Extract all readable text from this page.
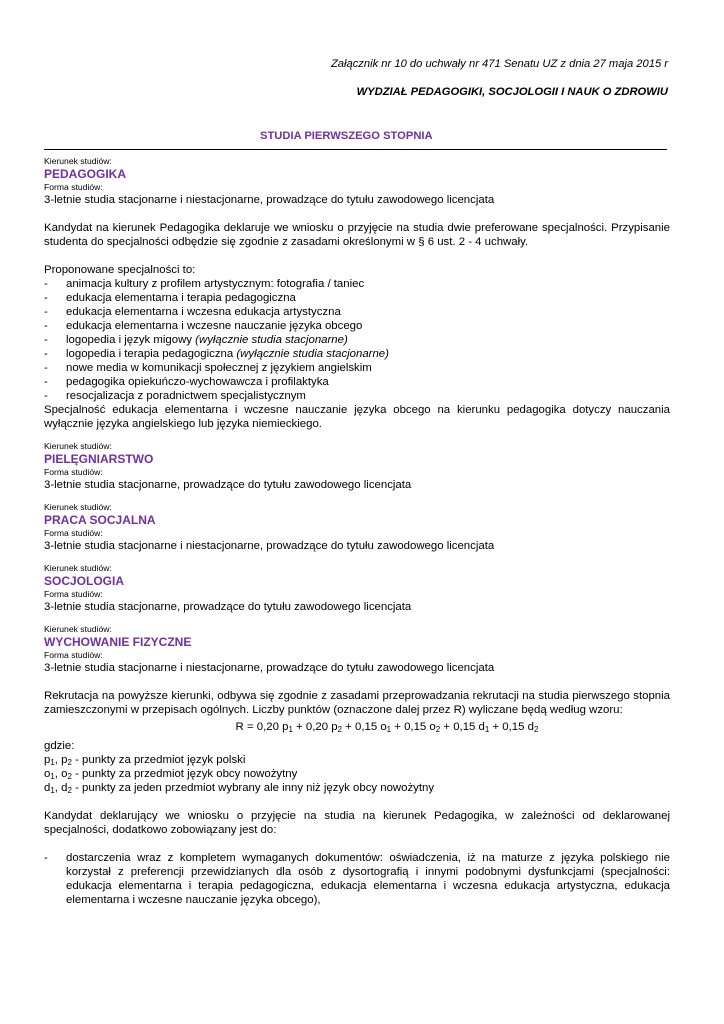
Załącznik nr 10 do uchwały nr 471 Senatu UZ z dnia 27 maja 2015 r
WYDZIAŁ PEDAGOGIKI, SOCJOLOGII I NAUK O ZDROWIU
STUDIA PIERWSZEGO STOPNIA

Kierunek studiów:

PEDAGOGIKA

Forma studiów:

3-letnie studia stacjonarne i niestacjonarne, prowadzące do tytułu zawodowego licencjata

Kandydat na kierunek Pedagogika deklaruje we wniosku o przyjęcie na studia dwie preferowane specjalności. Przypisanie studenta do specjalności odbędzie się zgodnie z zasadami określonymi w § 6 ust. 2 - 4 uchwały.

Proponowane specjalności to:

- animacja kultury z profilem artystycznym: fotografia / taniec
- edukacja elementarna i terapia pedagogiczna
- edukacja elementarna i wczesna edukacja artystyczna
- edukacja elementarna i wczesne nauczanie języka obcego
- logopedia i język migowy (wyłącznie studia stacjonarne)
- logopedia i terapia pedagogiczna (wyłącznie studia stacjonarne)
- nowe media w komunikacji społecznej z językiem angielskim
- pedagogika opiekuńczo-wychowawcza i profilaktyka
- resocjalizacja z poradnictwem specjalistycznym

Specjalność edukacja elementarna i wczesne nauczanie języka obcego na kierunku pedagogika dotyczy nauczania wyłącznie języka angielskiego lub języka niemieckiego.

Kierunek studiów:

PIELĘGNIARSTWO

Forma studiów:

3-letnie studia stacjonarne, prowadzące do tytułu zawodowego licencjata

Kierunek studiów:

PRACA SOCJALNA

Forma studiów:

3-letnie studia stacjonarne i niestacjonarne, prowadzące do tytułu zawodowego licencjata

Kierunek studiów:

SOCJOLOGIA

Forma studiów:

3-letnie studia stacjonarne, prowadzące do tytułu zawodowego licencjata

Kierunek studiów:

WYCHOWANIE FIZYCZNE

Forma studiów:

3-letnie studia stacjonarne i niestacjonarne, prowadzące do tytułu zawodowego licencjata

Rekrutacja na powyższe kierunki, odbywa się zgodnie z zasadami przeprowadzania rekrutacji na studia pierwszego stopnia zamieszczonymi w przepisach ogólnych. Liczby punktów (oznaczone dalej przez R) wyliczane będą według wzoru:

R = 0,20 $p_1 + 0,20$ $p_2 + 0,15$ $o_1 + 0,15$ $o_2 + 0,15$ $d_1 + 0,15$ $d_2$

gdzie:

$p_1$, $p_2$ - punkty za przedmiot język polski

$o_1$, $o_2$ - punkty za przedmiot język obcy nowożytny

$d_1$, $d_2$ - punkty za jeden przedmiot wybrany ale inny niż język obcy nowożytny

Kandydat deklarujący we wniosku o przyjęcie na studia na kierunek Pedagogika, w zależności od deklarowanej specjalności, dodatkowo zobowiązany jest do:

- dostarczenia wraz z kompletem wymaganych dokumentów: oświadczenia, iż na maturze z języka polskiego nie korzystał z preferencji przewidzianych dla osób z dysortografią i innymi podobnymi dysfunkcjami (specjalności: edukacja elementarna i terapia pedagogiczna, edukacja elementarna i wczesna edukacja artystyczna, edukacja elementarna i wczesne nauczanie języka obcego),
